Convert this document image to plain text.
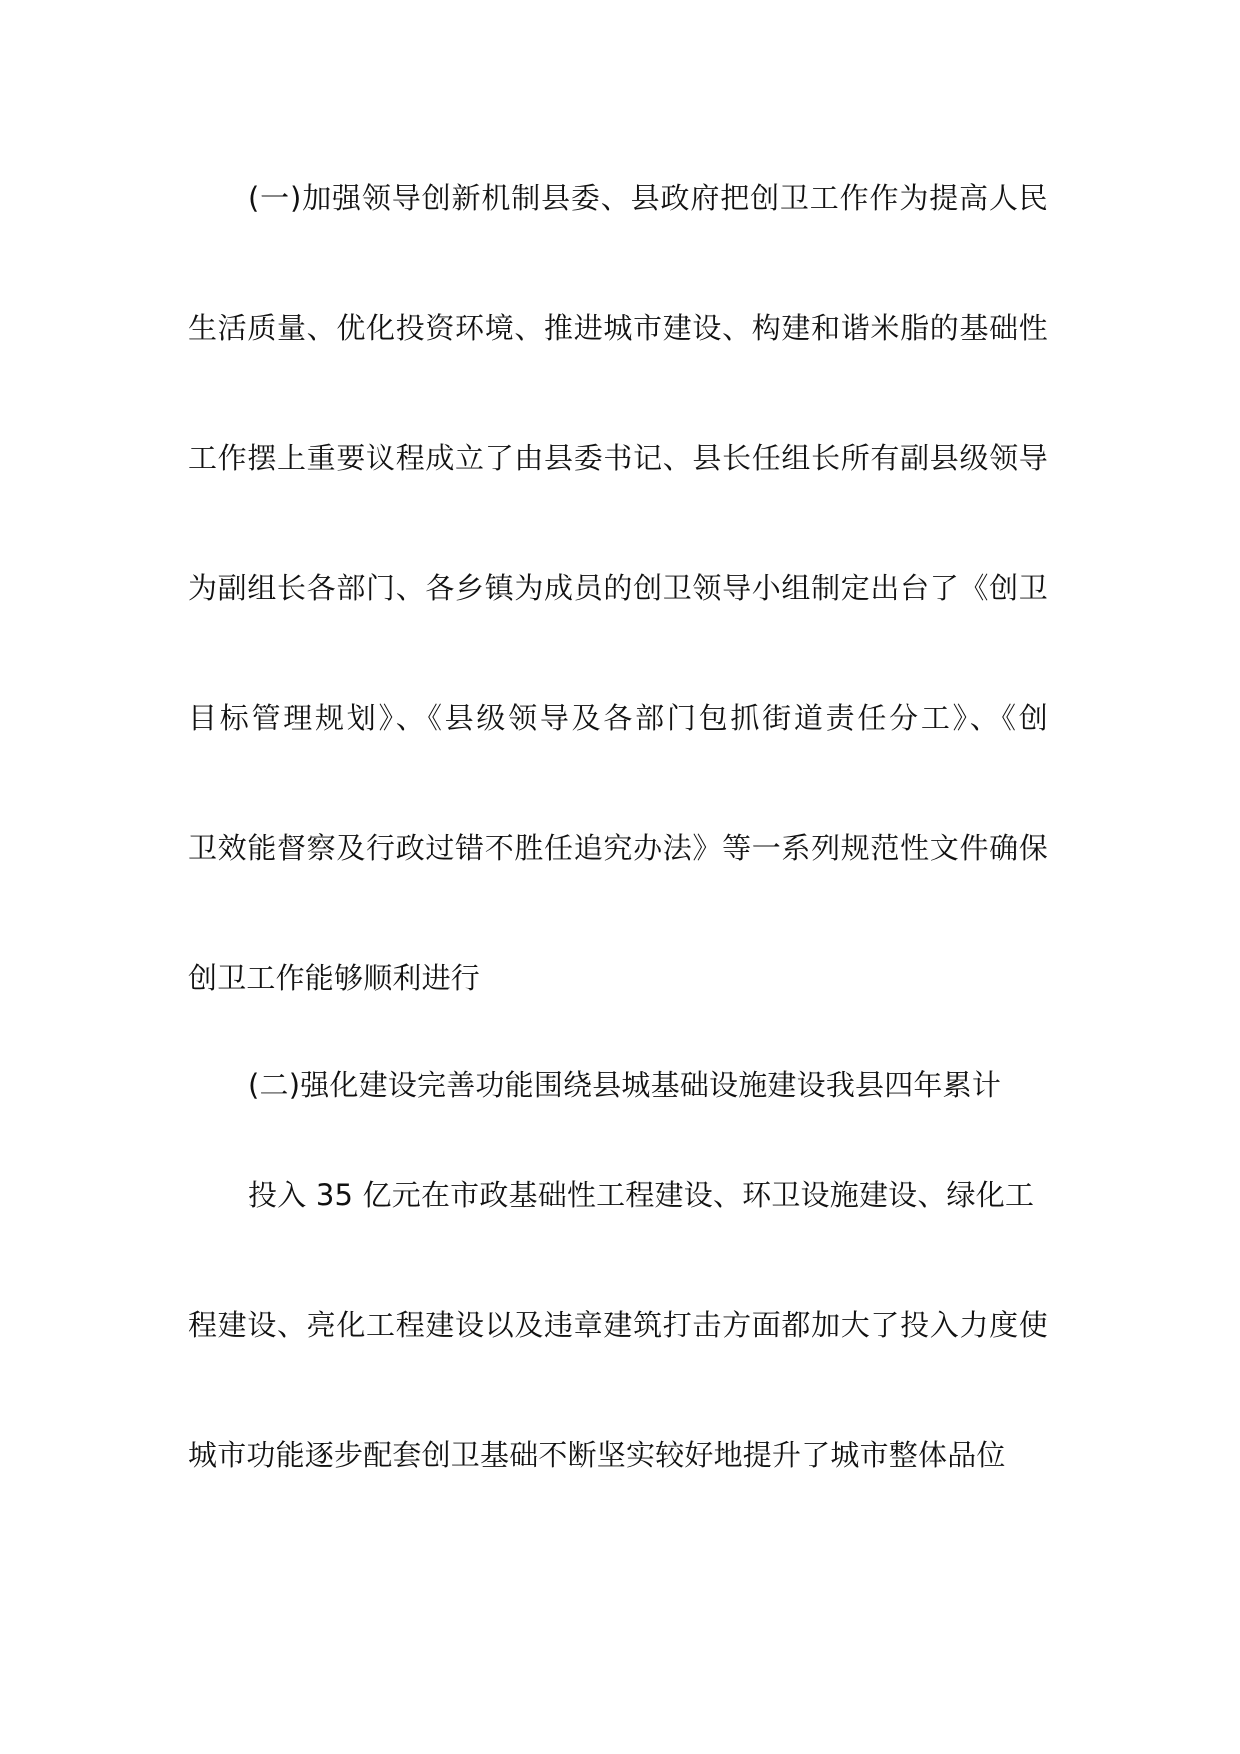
(一)加强领导创新机制县委、县政府把创卫工作作为提高人民
生活质量、优化投资环境、推进城市建设、构建和谐米脂的基础性
工作摆上重要议程成立了由县委书记、县长任组长所有副县级领导
为副组长各部门、各乡镇为成员的创卫领导小组制定出台了《创卫
目标管理规划》、《县级领导及各部门包抓街道责任分工》、《创
卫效能督察及行政过错不胜任追究办法》等一系列规范性文件确保
创卫工作能够顺利进行
(二)强化建设完善功能围绕县城基础设施建设我县四年累计
投入 35 亿元在市政基础性工程建设、环卫设施建设、绿化工
程建设、亮化工程建设以及违章建筑打击方面都加大了投入力度使
城市功能逐步配套创卫基础不断坚实较好地提升了城市整体品位
